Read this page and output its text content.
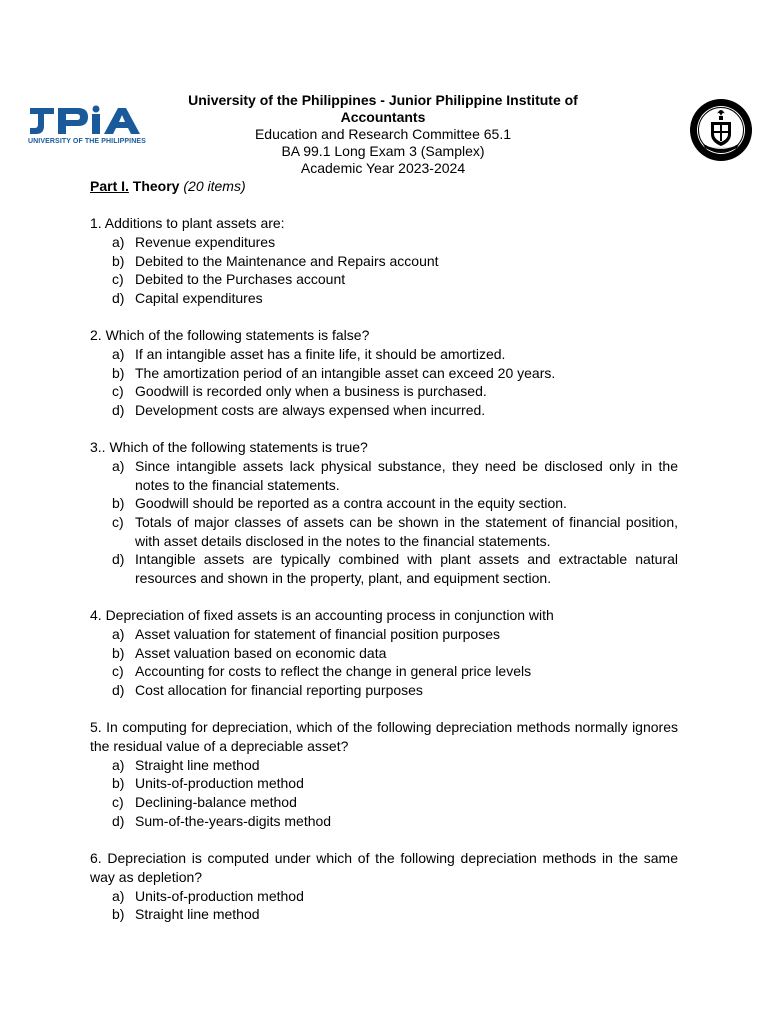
UNIVERSITY OF THE PHILIPPINES
University of the Philippines - Junior Philippine Institute of Accountants
Education and Research Committee 65.1
BA 99.1 Long Exam 3 (Samplex)
Academic Year 2023-2024
Part I. Theory (20 items)
1. Additions to plant assets are:
a) Revenue expenditures
b) Debited to the Maintenance and Repairs account
c) Debited to the Purchases account
d) Capital expenditures
2. Which of the following statements is false?
a) If an intangible asset has a finite life, it should be amortized.
b) The amortization period of an intangible asset can exceed 20 years.
c) Goodwill is recorded only when a business is purchased.
d) Development costs are always expensed when incurred.
3.. Which of the following statements is true?
a) Since intangible assets lack physical substance, they need be disclosed only in the notes to the financial statements.
b) Goodwill should be reported as a contra account in the equity section.
c) Totals of major classes of assets can be shown in the statement of financial position, with asset details disclosed in the notes to the financial statements.
d) Intangible assets are typically combined with plant assets and extractable natural resources and shown in the property, plant, and equipment section.
4. Depreciation of fixed assets is an accounting process in conjunction with
a) Asset valuation for statement of financial position purposes
b) Asset valuation based on economic data
c) Accounting for costs to reflect the change in general price levels
d) Cost allocation for financial reporting purposes
5. In computing for depreciation, which of the following depreciation methods normally ignores the residual value of a depreciable asset?
a) Straight line method
b) Units-of-production method
c) Declining-balance method
d) Sum-of-the-years-digits method
6. Depreciation is computed under which of the following depreciation methods in the same way as depletion?
a) Units-of-production method
b) Straight line method
